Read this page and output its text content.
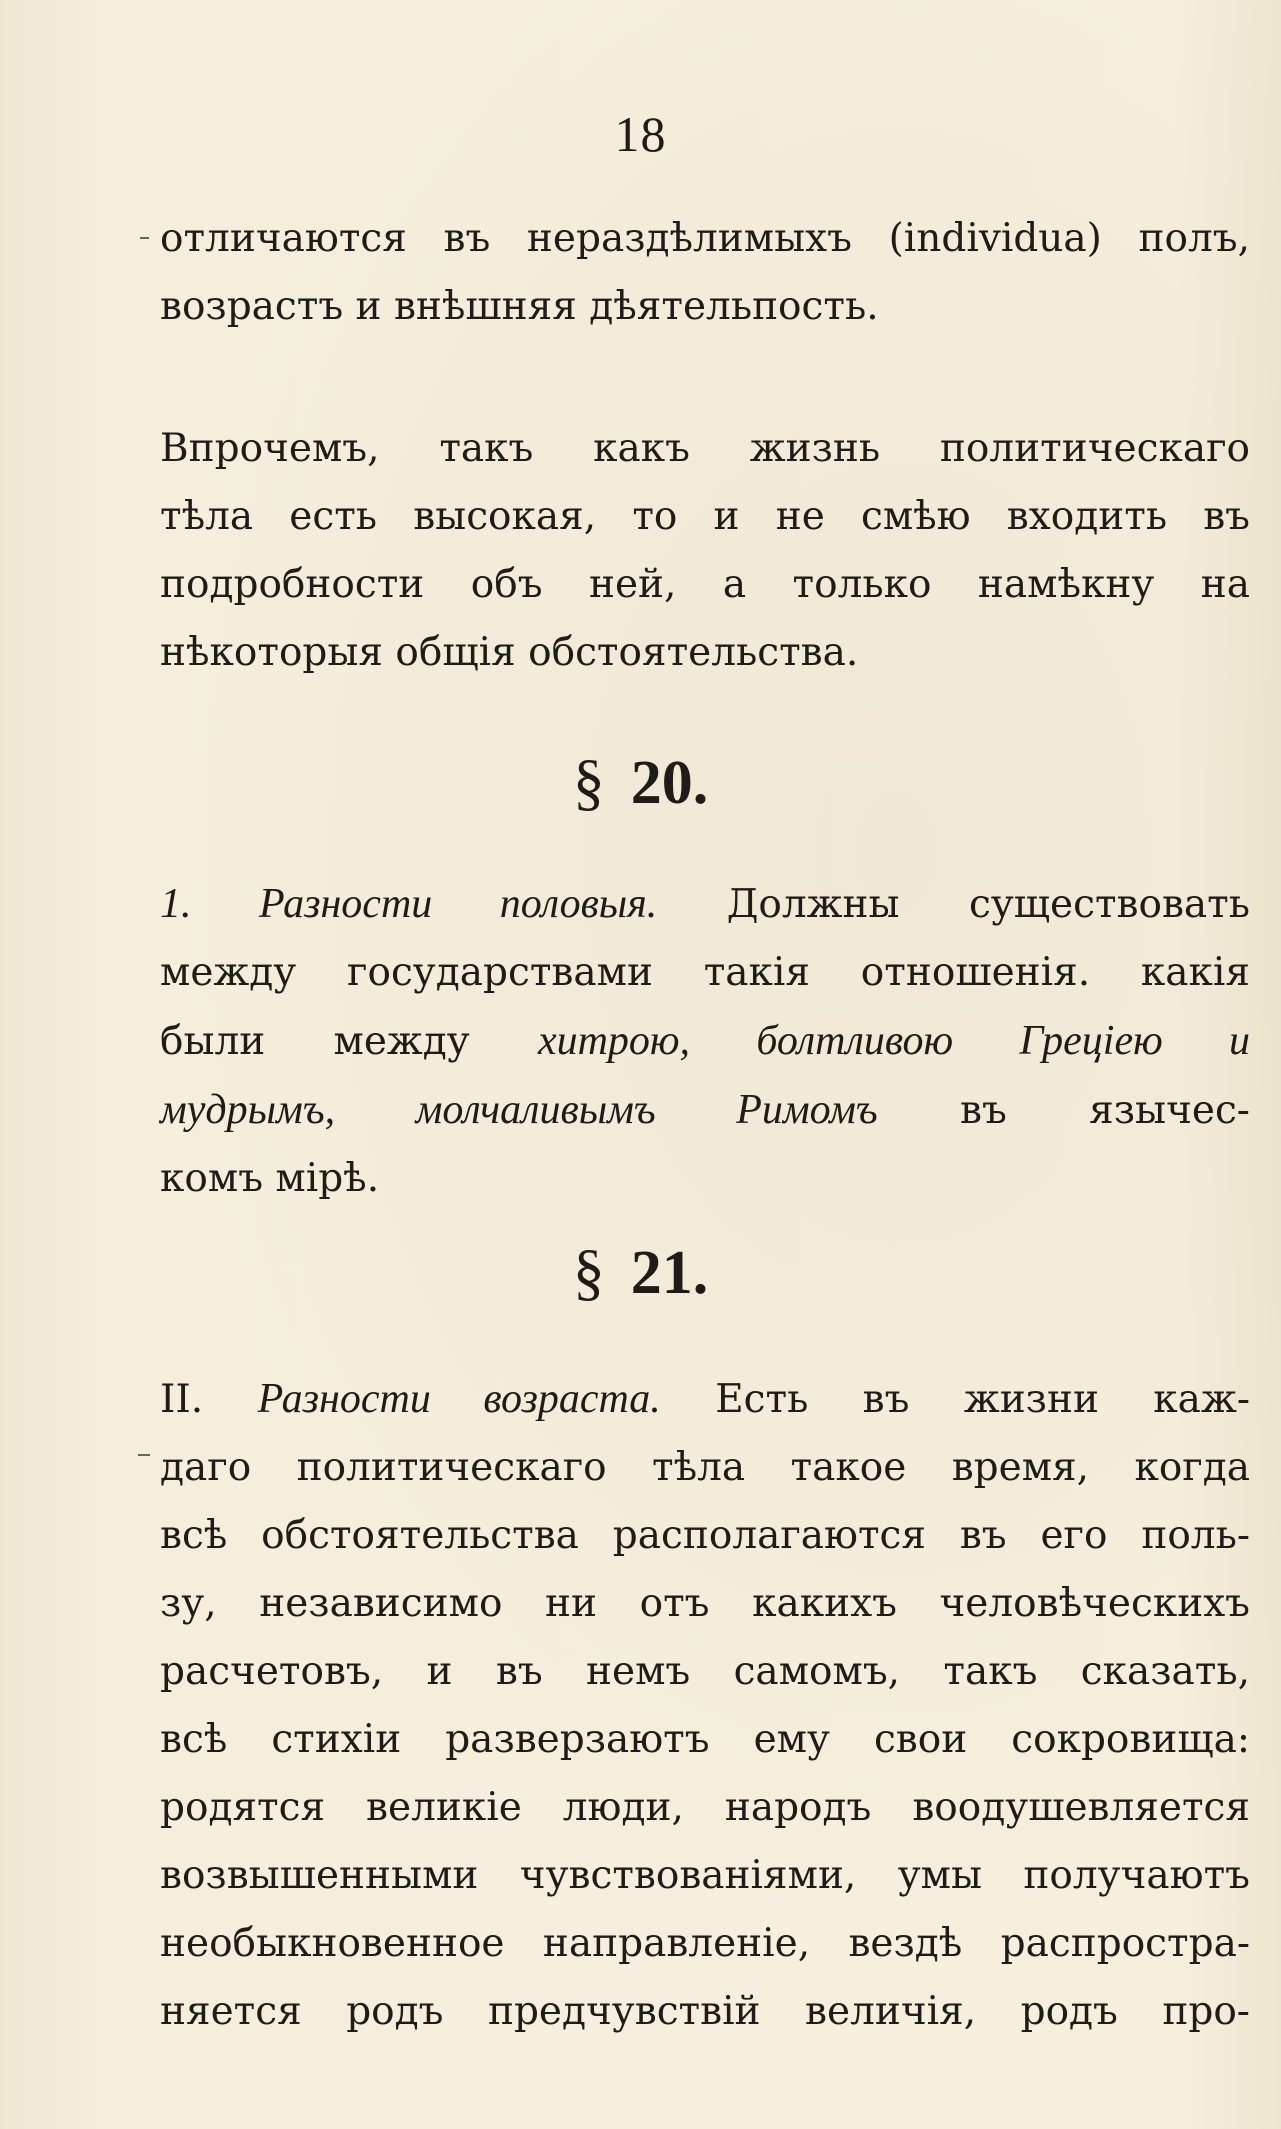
18
отличаются въ нераздѣлимыхъ (individua) полъ,
возрастъ и внѣшняя дѣятельпость.
Впрочемъ, такъ какъ жизнь политическаго
тѣла есть высокая, то и не смѣю входить въ
подробности объ ней, а только намѣкну на
нѣкоторыя общія обстоятельства.
§ 20.
1. Разности половыя. Должны существовать
между государствами такія отношенія. какія
были между хитрою, болтливою Греціею и
мудрымъ, молчаливымъ Римомъ въ язычес-
комъ мірѣ.
§ 21.
II. Разности возраста. Есть въ жизни каж-
даго политическаго тѣла такое время, когда
всѣ обстоятельства располагаются въ его поль-
зу, независимо ни отъ какихъ человѣческихъ
расчетовъ, и въ немъ самомъ, такъ сказать,
всѣ стихіи разверзаютъ ему свои сокровища:
родятся великіе люди, народъ воодушевляется
возвышенными чувствованіями, умы получаютъ
необыкновенное направленіе, вездѣ распростра-
няется родъ предчувствій величія, родъ про-
